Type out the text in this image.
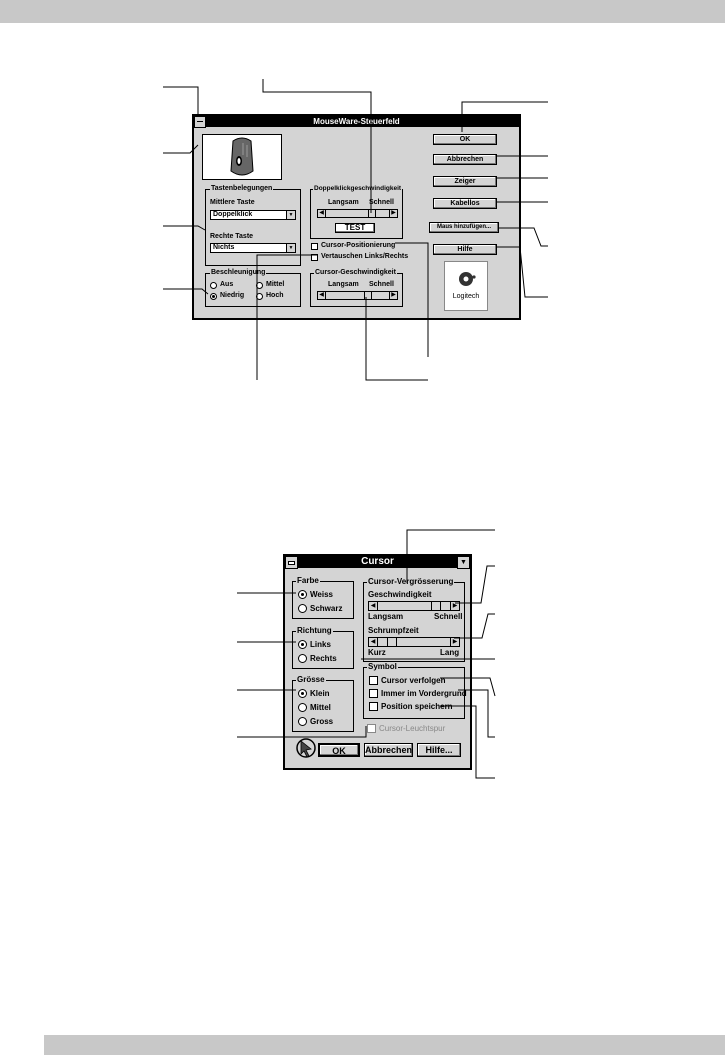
MouseWare-Steuerfeld
OK
Abbrechen
Zeiger
Kabellos
Maus hinzufügen...
Hilfe
Logitech
Tastenbelegungen
Mittlere Taste
Doppelklick	▼
Rechte Taste
Nichts	▼
Doppelklickgeschwindigkeit
Langsam Schnell
◀	▶
TEST
Cursor-Positionierung
Vertauschen Links/Rechts
Beschleunigung
Aus	Mittel
Niedrig	Hoch
Cursor-Geschwindigkeit
Langsam Schnell
◀	▶
Cursor	▼
Farbe
Weiss
Schwarz
Richtung
Links
Rechts
Grösse
Klein
Mittel
Gross
Cursor-Vergrösserung
Geschwindigkeit
◀	▶
Langsam	Schnell
Schrumpfzeit
◀	▶
Kurz	Lang
Symbol
Cursor verfolgen
Immer im Vordergrund
Position speichern
Cursor-Leuchtspur
OK	Abbrechen	Hilfe...
